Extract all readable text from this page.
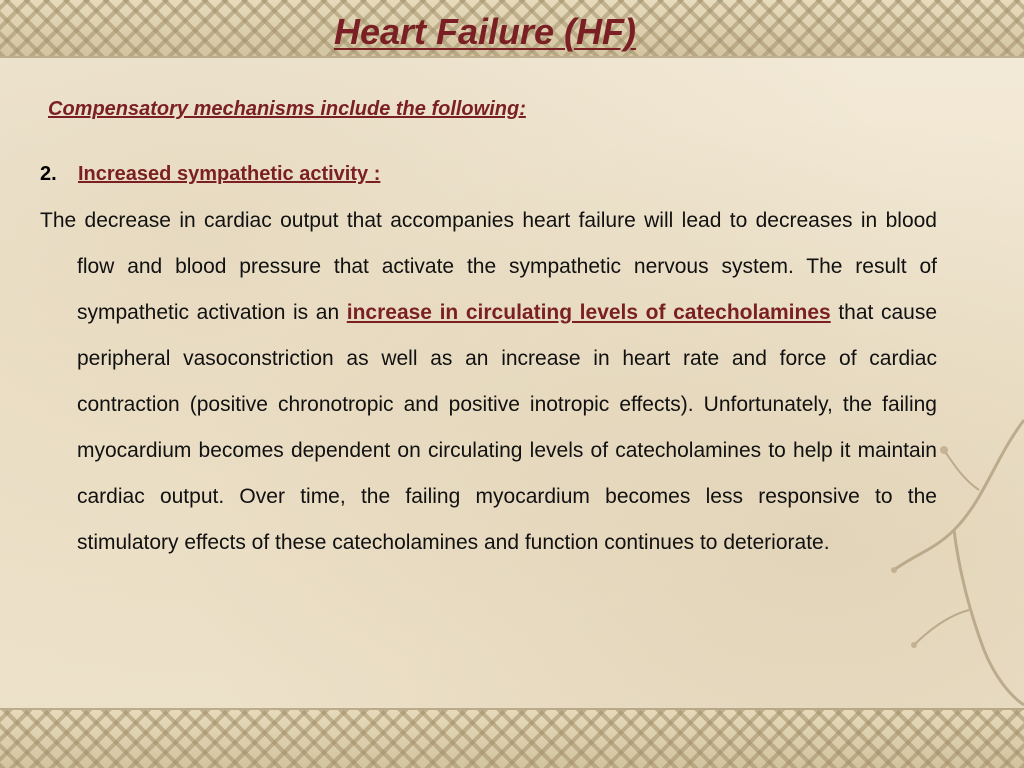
Heart Failure (HF)

Compensatory mechanisms include the following:

2. Increased sympathetic activity :

The decrease in cardiac output that accompanies heart failure will lead to decreases in blood flow and blood pressure that activate the sympathetic nervous system. The result of sympathetic activation is an increase in circulating levels of catecholamines that cause peripheral vasoconstriction as well as an increase in heart rate and force of cardiac contraction (positive chronotropic and positive inotropic effects). Unfortunately, the failing myocardium becomes dependent on circulating levels of catecholamines to help it maintain cardiac output. Over time, the failing myocardium becomes less responsive to the stimulatory effects of these catecholamines and function continues to deteriorate.
